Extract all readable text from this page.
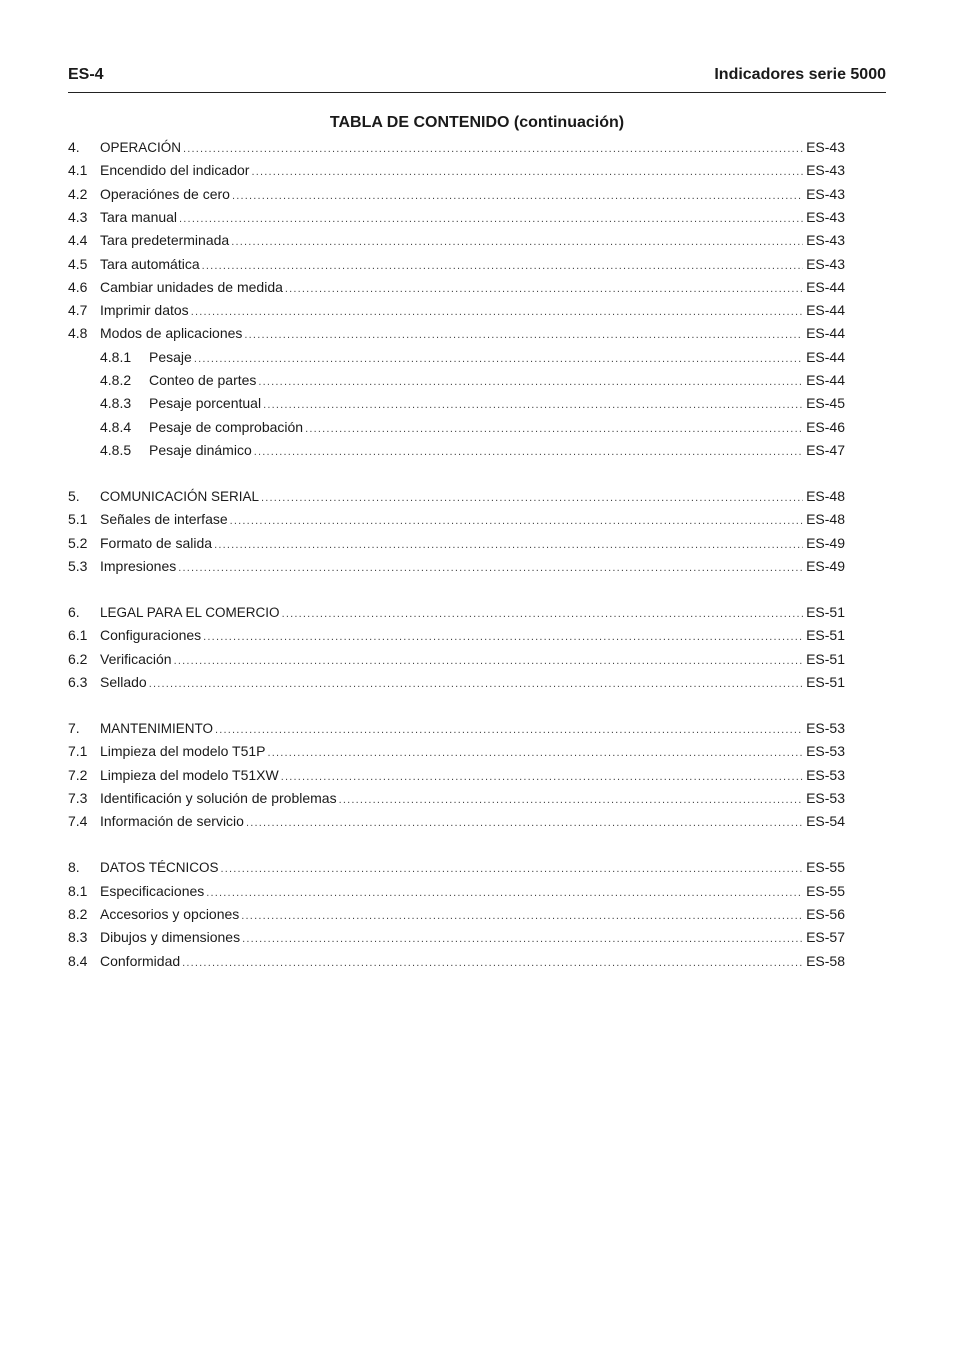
ES-4	Indicadores serie 5000
TABLA DE CONTENIDO (continuación)
4.	OPERACIÓN .....	ES-43
4.1 Encendido del indicador .....	ES-43
4.2 Operaciónes de cero .....	ES-43
4.3 Tara manual .....	ES-43
4.4 Tara predeterminada .....	ES-43
4.5 Tara automática .....	ES-43
4.6 Cambiar unidades de medida .....	ES-44
4.7 Imprimir datos .....	ES-44
4.8 Modos de aplicaciones .....	ES-44
4.8.1	Pesaje .....	ES-44
4.8.2	Conteo de partes .....	ES-44
4.8.3	Pesaje porcentual .....	ES-45
4.8.4	Pesaje de comprobación .....	ES-46
4.8.5	Pesaje dinámico .....	ES-47
5.	COMUNICACIÓN SERIAL .....	ES-48
5.1 Señales de interfase .....	ES-48
5.2 Formato de salida .....	ES-49
5.3 Impresiones .....	ES-49
6.	LEGAL PARA EL COMERCIO .....	ES-51
6.1 Configuraciones .....	ES-51
6.2 Verificación .....	ES-51
6.3 Sellado .....	ES-51
7.	MANTENIMIENTO .....	ES-53
7.1 Limpieza del modelo T51P .....	ES-53
7.2 Limpieza del modelo T51XW .....	ES-53
7.3 Identificación y solución de problemas .....	ES-53
7.4 Información de servicio .....	ES-54
8.	DATOS TÉCNICOS .....	ES-55
8.1 Especificaciones .....	ES-55
8.2 Accesorios y opciones .....	ES-56
8.3 Dibujos y dimensiones .....	ES-57
8.4 Conformidad .....	ES-58
